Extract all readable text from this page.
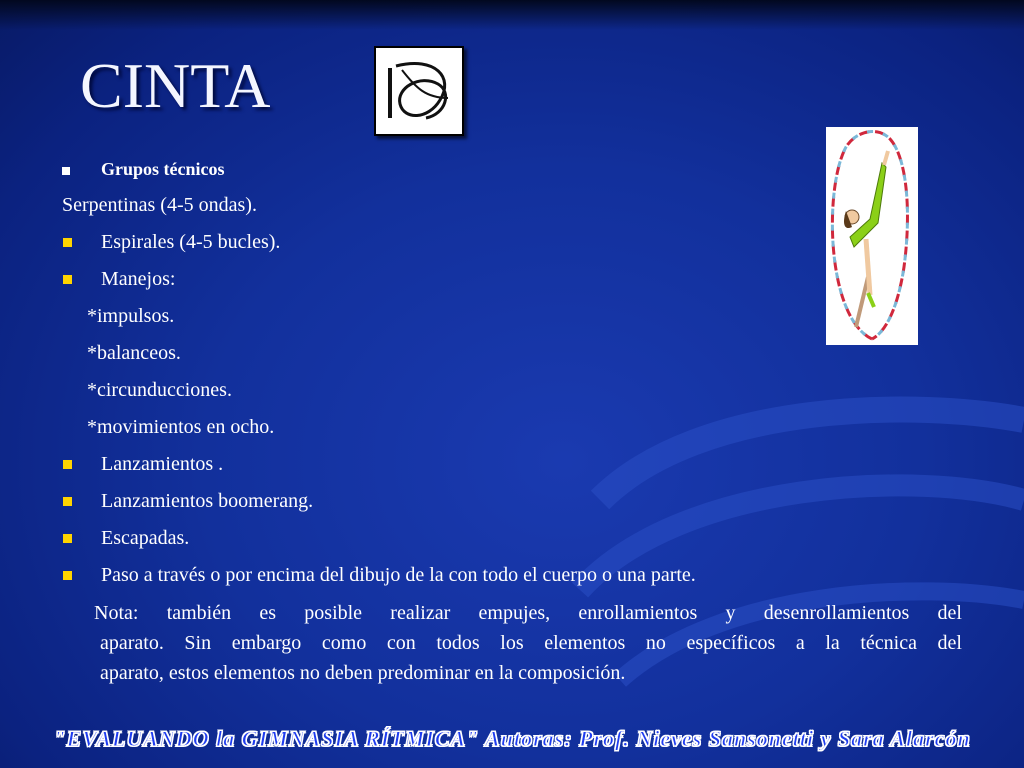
CINTA
Grupos técnicos
Serpentinas (4-5 ondas).
Espirales (4-5 bucles).
Manejos:
*impulsos.
*balanceos.
*circunducciones.
*movimientos en ocho.
Lanzamientos .
Lanzamientos boomerang.
Escapadas.
Paso a través o por encima del dibujo de la con todo el cuerpo o una parte.
Nota: también es posible realizar empujes, enrollamientos y desenrollamientos del
aparato. Sin embargo como con todos los elementos no específicos a la técnica del
aparato, estos elementos no deben predominar en la composición.
"EVALUANDO la GIMNASIA RÍTMICA" Autoras: Prof. Nieves Sansonetti y Sara Alarcón
